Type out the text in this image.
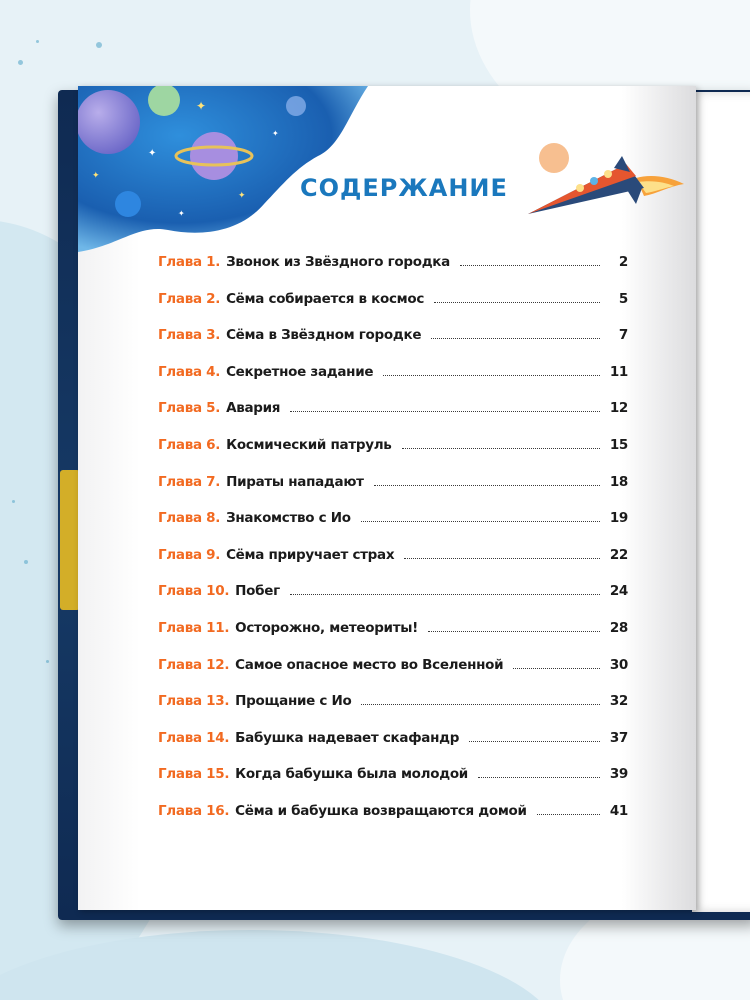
✦
✦
✦
✦
✦
✦	СОДЕРЖАНИЕ
Глава 1. Звонок из Звёздного городка	2
Глава 2. Сёма собирается в космос	5
Глава 3. Сёма в Звёздном городке	7
Глава 4. Секретное задание	11
Глава 5. Авария	12
Глава 6. Космический патруль	15
Глава 7. Пираты нападают	18
Глава 8. Знакомство с Ио	19
Глава 9. Сёма приручает страх	22
Глава 10. Побег	24
Глава 11. Осторожно, метеориты!	28
Глава 12. Самое опасное место во Вселенной	30
Глава 13. Прощание с Ио	32
Глава 14. Бабушка надевает скафандр	37
Глава 15. Когда бабушка была молодой	39
Глава 16. Сёма и бабушка возвращаются домой	41
